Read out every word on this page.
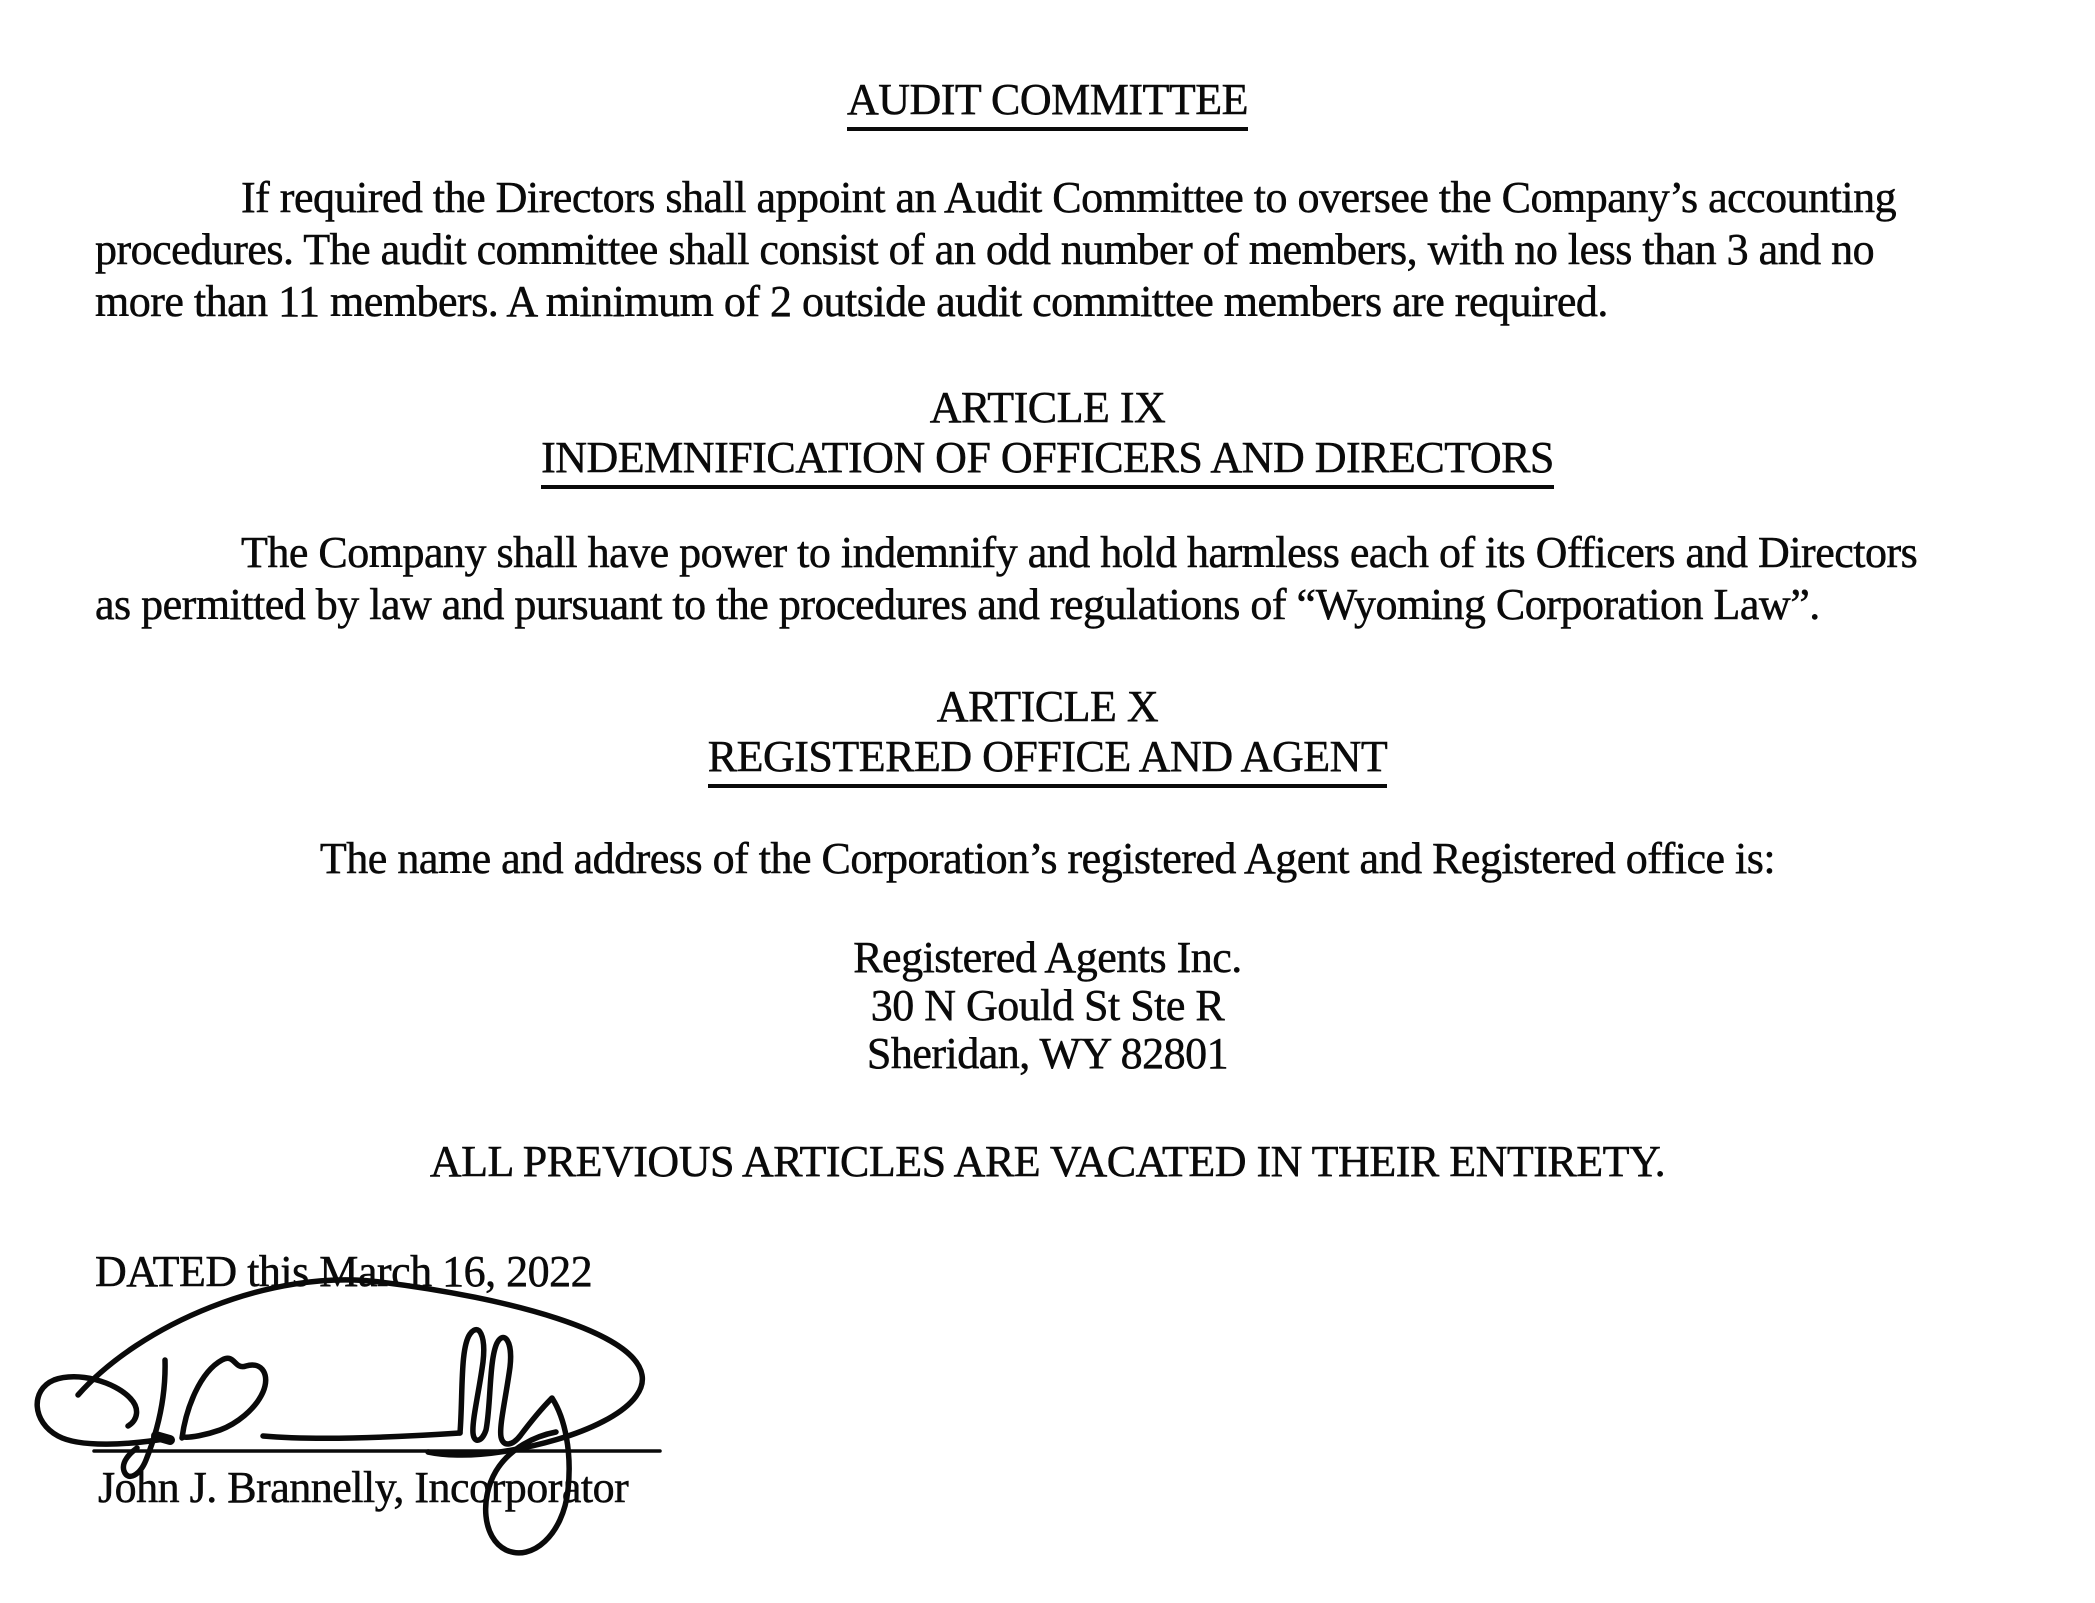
AUDIT COMMITTEE
If required the Directors shall appoint an Audit Committee to oversee the Company’s accounting
procedures. The audit committee shall consist of an odd number of members, with no less than 3 and no
more than 11 members. A minimum of 2 outside audit committee members are required.
ARTICLE IX
INDEMNIFICATION OF OFFICERS AND DIRECTORS
The Company shall have power to indemnify and hold harmless each of its Officers and Directors
as permitted by law and pursuant to the procedures and regulations of “Wyoming Corporation Law”.
ARTICLE X
REGISTERED OFFICE AND AGENT
The name and address of the Corporation’s registered Agent and Registered office is:
Registered Agents Inc.
30 N Gould St Ste R
Sheridan, WY 82801
ALL PREVIOUS ARTICLES ARE VACATED IN THEIR ENTIRETY.
DATED this March 16, 2022
John J. Brannelly, Incorporator
